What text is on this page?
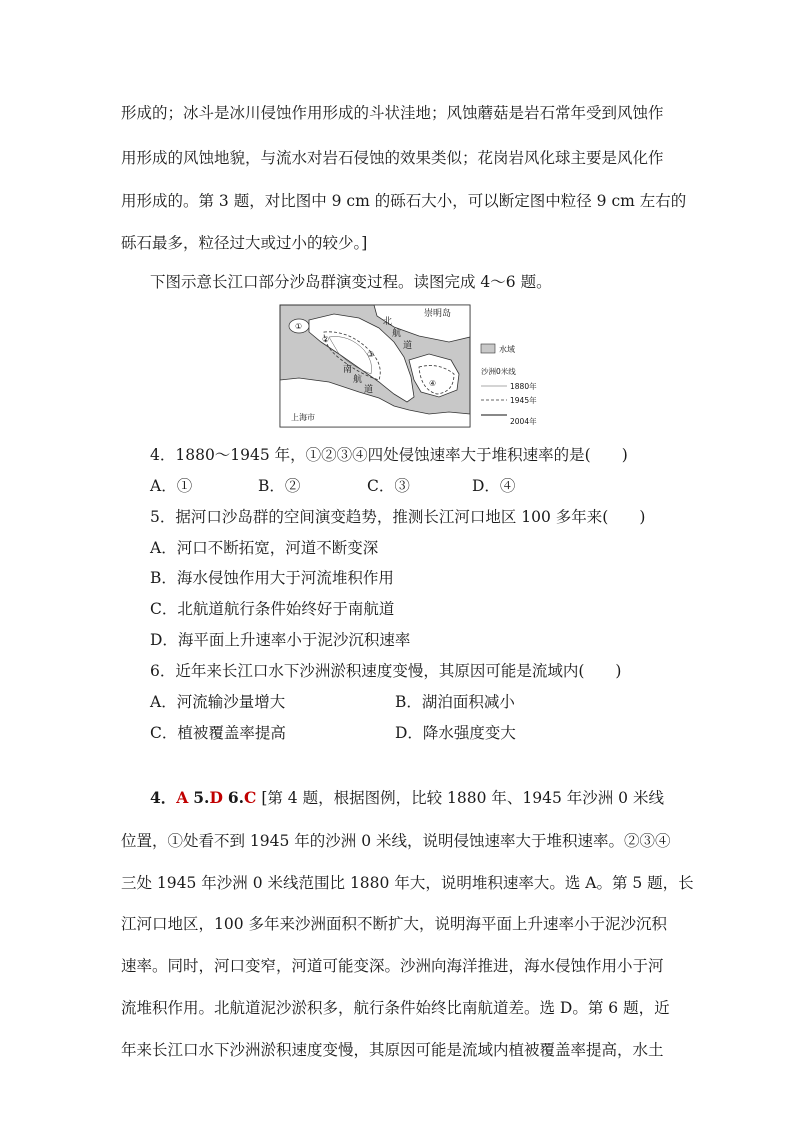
形成的；冰斗是冰川侵蚀作用形成的斗状洼地；风蚀蘑菇是岩石常年受到风蚀作
用形成的风蚀地貌，与流水对岩石侵蚀的效果类似；花岗岩风化球主要是风化作
用形成的。第 3 题，对比图中 9 cm 的砾石大小，可以断定图中粒径 9 cm 左右的
砾石最多，粒径过大或过小的较少。]
下图示意长江口部分沙岛群演变过程。读图完成 4～6 题。
崇明岛
北
航
道
南
航
道
上海市
①
②
③
④
水域
沙洲0米线
1880年
1945年
2004年
4．1880～1945 年，①②③④四处侵蚀速率大于堆积速率的是(　　)
A．①	B．②	C．③	D．④
5．据河口沙岛群的空间演变趋势，推测长江河口地区 100 多年来(　　)
A．河口不断拓宽，河道不断变深
B．海水侵蚀作用大于河流堆积作用
C．北航道航行条件始终好于南航道
D．海平面上升速率小于泥沙沉积速率
6．近年来长江口水下沙洲淤积速度变慢，其原因可能是流域内(　　)
A．河流输沙量增大	B．湖泊面积减小
C．植被覆盖率提高	D．降水强度变大
4．A 5.D 6.C [第 4 题，根据图例，比较 1880 年、1945 年沙洲 0 米线
位置，①处看不到 1945 年的沙洲 0 米线，说明侵蚀速率大于堆积速率。②③④
三处 1945 年沙洲 0 米线范围比 1880 年大，说明堆积速率大。选 A。第 5 题，长
江河口地区，100 多年来沙洲面积不断扩大，说明海平面上升速率小于泥沙沉积
速率。同时，河口变窄，河道可能变深。沙洲向海洋推进，海水侵蚀作用小于河
流堆积作用。北航道泥沙淤积多，航行条件始终比南航道差。选 D。第 6 题，近
年来长江口水下沙洲淤积速度变慢，其原因可能是流域内植被覆盖率提高，水土
